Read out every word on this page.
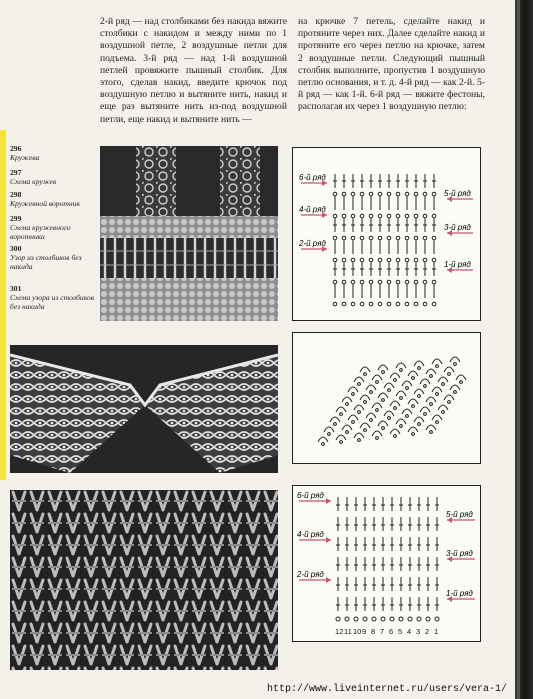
2-й ряд — над столбиками без накида вяжите столбики с накидом и между ними по 1 воздушной петле, 2 воздушные петли для подъема. 3-й ряд — над 1-й воздушной петлей провяжите пышный столбик. Для этого, сделав накид, введите крючок под воздушную петлю и вытяните нить, накид и еще раз вытяните нить из-под воздушной петли, еще накид и вытяните нить —

на крючке 7 петель, сделайте накид и протяните через них. Далее сделайте накид и протяните его через петлю на крючке, затем 2 воздушные петли. Следующий пышный столбик выполните, пропустив 1 воздушную петлю основания, и т. д. 4-й ряд — как 2-й. 5-й ряд — как 1-й. 6-й ряд — вяжите фестоны, располагая их через 1 воздушную петлю:

296
Кружева
297
Схема кружев
298
Кружевной воротник
299
Схема кружевного воротника
300
Узор из столбиков без накида
301
Схема узора из столбиков без накида
6-й ряд
4-й ряд
2-й ряд
5-й ряд
3-й ряд
1-й ряд
6-й ряд
4-й ряд
2-й ряд
5-й ряд
3-й ряд
1-й ряд
12 11 10 9 8 7 6 5 4 3 2 1
http://www.liveinternet.ru/users/vera-1/
